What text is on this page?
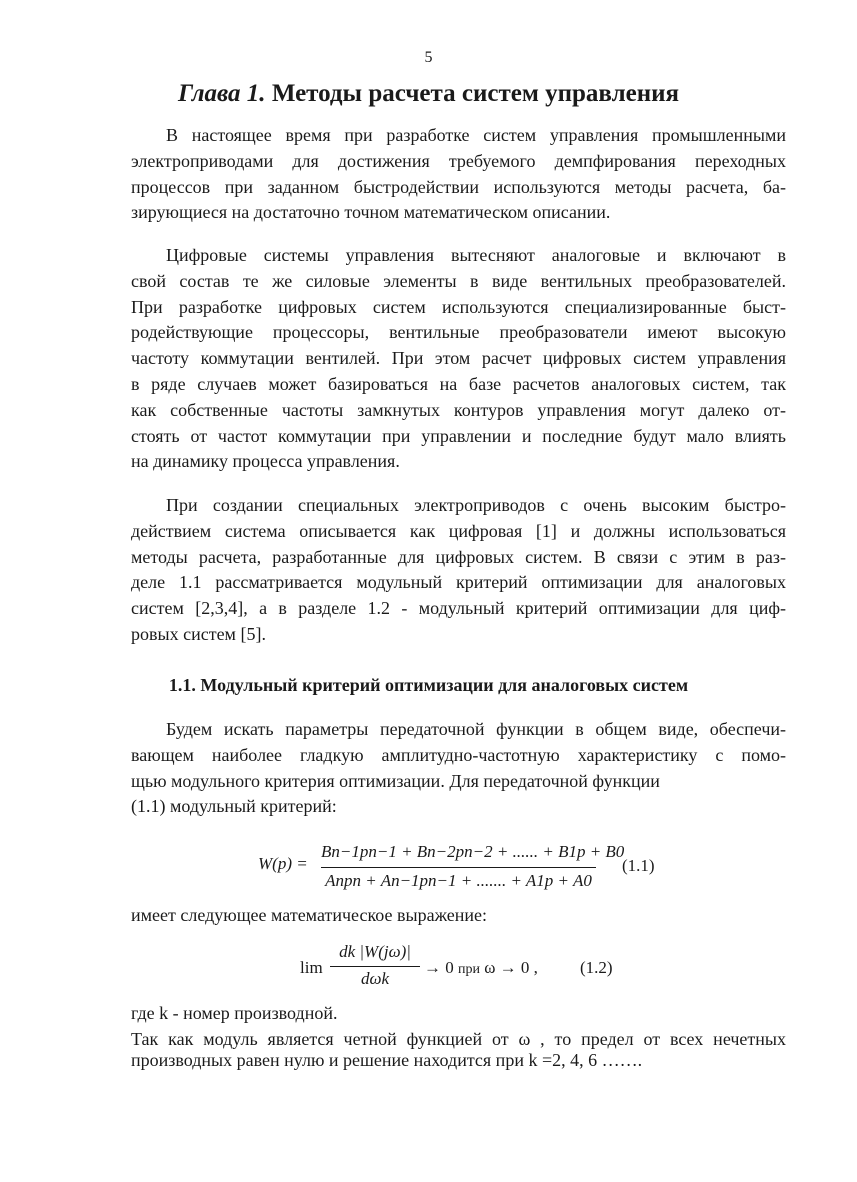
5
Глава 1. Методы расчета систем управления
В настоящее время при разработке систем управления промышленными
электроприводами для достижения требуемого демпфирования переходных
процессов при заданном быстродействии используются методы расчета, ба-
зирующиеся на достаточно точном математическом описании.
Цифровые системы управления вытесняют аналоговые и включают в
свой состав те же силовые элементы в виде вентильных преобразователей.
При разработке цифровых систем используются специализированные быст-
родействующие процессоры, вентильные преобразователи имеют высокую
частоту коммутации вентилей. При этом расчет цифровых систем управления
в ряде случаев может базироваться на базе расчетов аналоговых систем, так
как собственные частоты замкнутых контуров управления могут далеко от-
стоять от частот коммутации при управлении и последние будут мало влиять
на динамику процесса управления.
При создании специальных электроприводов с очень высоким быстро-
действием система описывается как цифровая [1] и должны использоваться
методы расчета, разработанные для цифровых систем. В связи с этим в раз-
деле 1.1 рассматривается модульный критерий оптимизации для аналоговых
систем [2,3,4], а в разделе 1.2 - модульный критерий оптимизации для циф-
ровых систем [5].
1.1. Модульный критерий оптимизации для аналоговых систем
Будем искать параметры передаточной функции в общем виде, обеспечи-
вающем наиболее гладкую амплитудно-частотную характеристику с помо-
щью модульного критерия оптимизации. Для передаточной функции
(1.1) модульный критерий:
W(p) =
Bn−1pn−1 + Bn−2pn−2 + ...... + B1p + B0
Anpn + An−1pn−1 + ....... + A1p + A0
(1.1)
имеет следующее математическое выражение:
lim
dk |W(jω)|
dωk
→ 0 при ω → 0 , (1.2)
где k - номер производной.
Так как модуль является четной функцией от ω , то предел от всех нечетных
производных равен нулю и решение находится при k =2, 4, 6 …….
